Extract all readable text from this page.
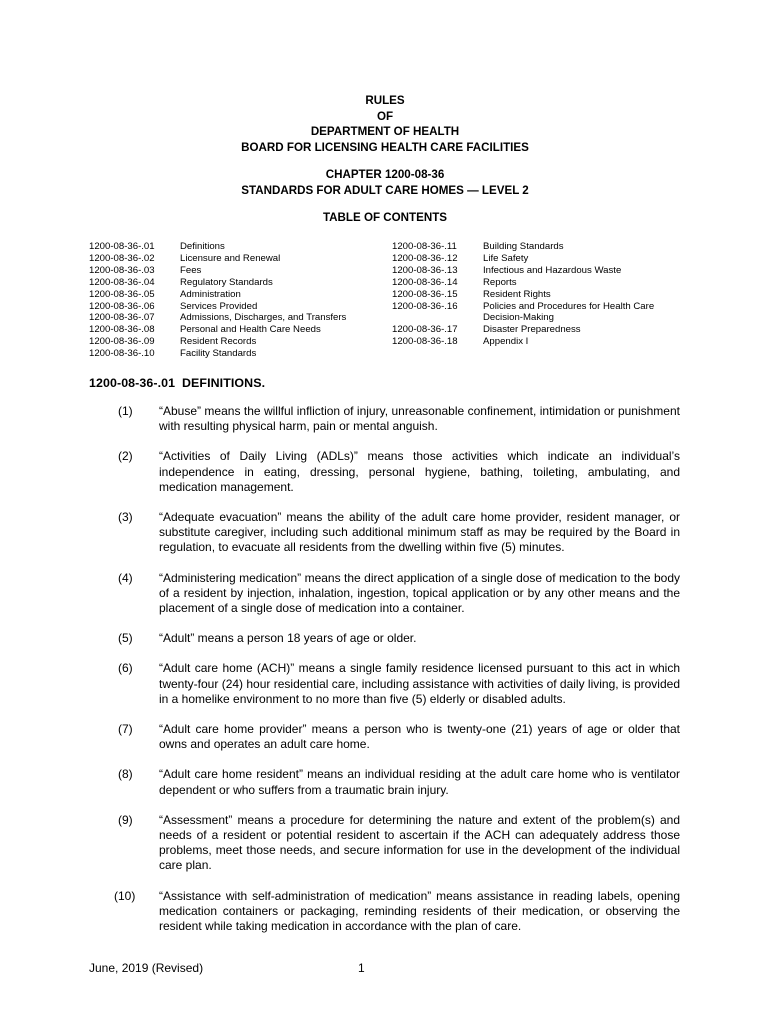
RULES
OF
DEPARTMENT OF HEALTH
BOARD FOR LICENSING HEALTH CARE FACILITIES
CHAPTER 1200-08-36
STANDARDS FOR ADULT CARE HOMES — LEVEL 2
TABLE OF CONTENTS
1200-08-36-.01	Definitions
1200-08-36-.02	Licensure and Renewal
1200-08-36-.03	Fees
1200-08-36-.04	Regulatory Standards
1200-08-36-.05	Administration
1200-08-36-.06	Services Provided
1200-08-36-.07	Admissions, Discharges, and Transfers
1200-08-36-.08	Personal and Health Care Needs
1200-08-36-.09	Resident Records
1200-08-36-.10	Facility Standards
1200-08-36-.11	Building Standards
1200-08-36-.12	Life Safety
1200-08-36-.13	Infectious and Hazardous Waste
1200-08-36-.14	Reports
1200-08-36-.15	Resident Rights
1200-08-36-.16	Policies and Procedures for Health Care
Decision-Making
1200-08-36-.17	Disaster Preparedness
1200-08-36-.18	Appendix I
1200-08-36-.01 DEFINITIONS.
(1) “Abuse” means the willful infliction of injury, unreasonable confinement, intimidation or punishment with resulting physical harm, pain or mental anguish.
(2) “Activities of Daily Living (ADLs)” means those activities which indicate an individual’s independence in eating, dressing, personal hygiene, bathing, toileting, ambulating, and medication management.
(3) “Adequate evacuation” means the ability of the adult care home provider, resident manager, or substitute caregiver, including such additional minimum staff as may be required by the Board in regulation, to evacuate all residents from the dwelling within five (5) minutes.
(4) “Administering medication” means the direct application of a single dose of medication to the body of a resident by injection, inhalation, ingestion, topical application or by any other means and the placement of a single dose of medication into a container.
(5) “Adult” means a person 18 years of age or older.
(6) “Adult care home (ACH)” means a single family residence licensed pursuant to this act in which twenty-four (24) hour residential care, including assistance with activities of daily living, is provided in a homelike environment to no more than five (5) elderly or disabled adults.
(7) “Adult care home provider” means a person who is twenty-one (21) years of age or older that owns and operates an adult care home.
(8) “Adult care home resident” means an individual residing at the adult care home who is ventilator dependent or who suffers from a traumatic brain injury.
(9) “Assessment” means a procedure for determining the nature and extent of the problem(s) and needs of a resident or potential resident to ascertain if the ACH can adequately address those problems, meet those needs, and secure information for use in the development of the individual care plan.
(10) “Assistance with self-administration of medication” means assistance in reading labels, opening medication containers or packaging, reminding residents of their medication, or observing the resident while taking medication in accordance with the plan of care.
June, 2019 (Revised)	1
